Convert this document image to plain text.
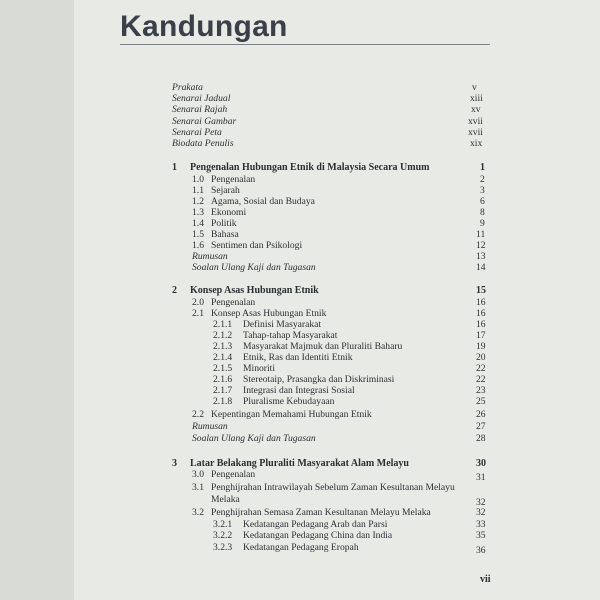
Kandungan
Prakata	v
Senarai Jadual	xiii
Senarai Rajah	xv
Senarai Gambar	xvii
Senarai Peta	xvii
Biodata Penulis	xix
1 Pengenalan Hubungan Etnik di Malaysia Secara Umum	1
1.0 Pengenalan	2
1.1 Sejarah	3
1.2 Agama, Sosial dan Budaya	6
1.3 Ekonomi	8
1.4 Politik	9
1.5 Bahasa	11
1.6 Sentimen dan Psikologi	12
Rumusan	13
Soalan Ulang Kaji dan Tugasan	14
2 Konsep Asas Hubungan Etnik	15
2.0 Pengenalan	16
2.1 Konsep Asas Hubungan Etnik	16
2.1.1 Definisi Masyarakat	16
2.1.2 Tahap-tahap Masyarakat	17
2.1.3 Masyarakat Majmuk dan Pluraliti Baharu	19
2.1.4 Etnik, Ras dan Identiti Etnik	20
2.1.5 Minoriti	22
2.1.6 Stereotaip, Prasangka dan Diskriminasi	22
2.1.7 Integrasi dan Integrasi Sosial	23
2.1.8 Pluralisme Kebudayaan	25
2.2 Kepentingan Memahami Hubungan Etnik	26
Rumusan	27
Soalan Ulang Kaji dan Tugasan	28
3 Latar Belakang Pluraliti Masyarakat Alam Melayu	30
3.0 Pengenalan	31
3.1 Penghijrahan Intrawilayah Sebelum Zaman Kesultanan Melayu
Melaka	32
3.2 Penghijrahan Semasa Zaman Kesultanan Melayu Melaka	32
3.2.1 Kedatangan Pedagang Arab dan Parsi	33
3.2.2 Kedatangan Pedagang China dan India	35
3.2.3 Kedatangan Pedagang Eropah	36
vii
